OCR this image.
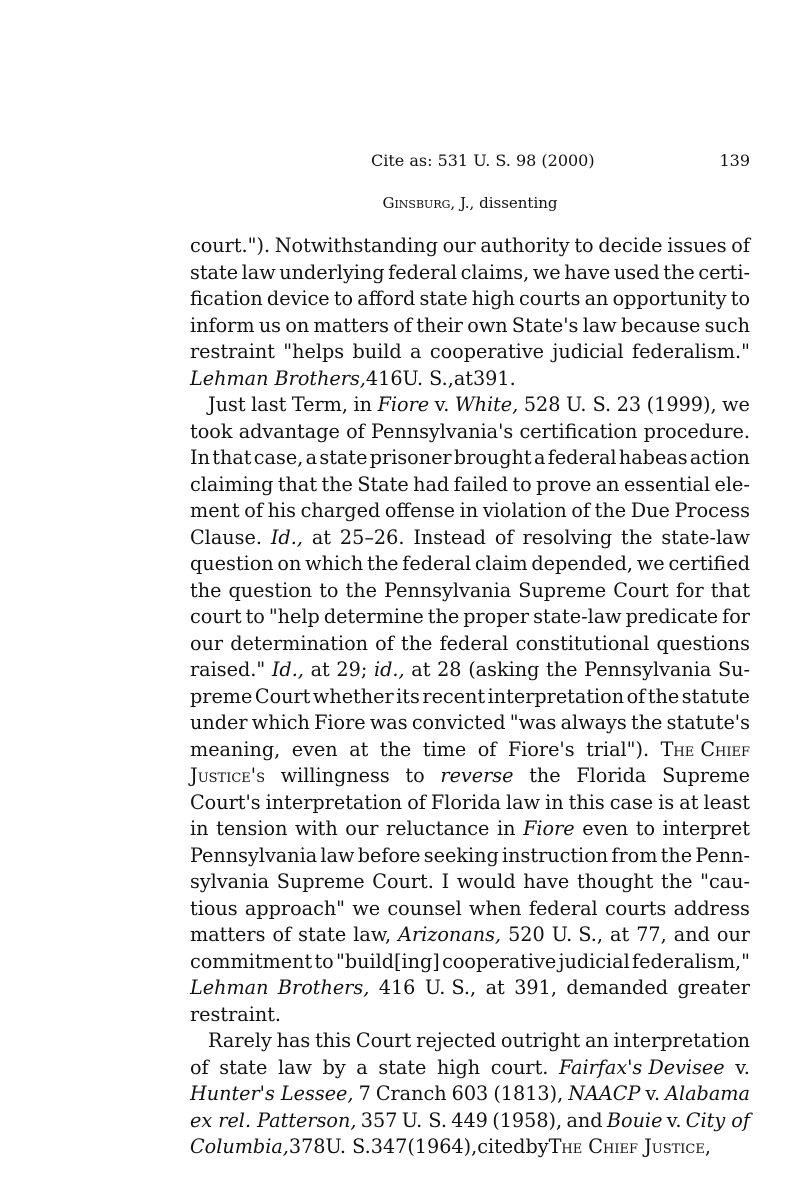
Cite as: 531 U. S. 98 (2000)	139
Ginsburg, J., dissenting
court."). Notwithstanding our authority to decide issues of
state law underlying federal claims, we have used the certi-
fication device to afford state high courts an opportunity to
inform us on matters of their own State's law because such
restraint "helps build a cooperative judicial federalism."
Lehman Brothers, 416 U. S., at 391.
Just last Term, in Fiore v. White, 528 U. S. 23 (1999), we
took advantage of Pennsylvania's certification procedure.
In that case, a state prisoner brought a federal habeas action
claiming that the State had failed to prove an essential ele-
ment of his charged offense in violation of the Due Process
Clause. Id., at 25–26. Instead of resolving the state-law
question on which the federal claim depended, we certified
the question to the Pennsylvania Supreme Court for that
court to "help determine the proper state-law predicate for
our determination of the federal constitutional questions
raised." Id., at 29; id., at 28 (asking the Pennsylvania Su-
preme Court whether its recent interpretation of the statute
under which Fiore was convicted "was always the statute's
meaning, even at the time of Fiore's trial"). The Chief
Justice's willingness to reverse the Florida Supreme
Court's interpretation of Florida law in this case is at least
in tension with our reluctance in Fiore even to interpret
Pennsylvania law before seeking instruction from the Penn-
sylvania Supreme Court. I would have thought the "cau-
tious approach" we counsel when federal courts address
matters of state law, Arizonans, 520 U. S., at 77, and our
commitment to "build[ing] cooperative judicial federalism,"
Lehman Brothers, 416 U. S., at 391, demanded greater
restraint.
Rarely has this Court rejected outright an interpretation
of state law by a state high court. Fairfax's Devisee v.
Hunter's Lessee, 7 Cranch 603 (1813), NAACP v. Alabama
ex rel. Patterson, 357 U. S. 449 (1958), and Bouie v. City of
Columbia, 378 U. S. 347 (1964), cited by The Chief Justice,
